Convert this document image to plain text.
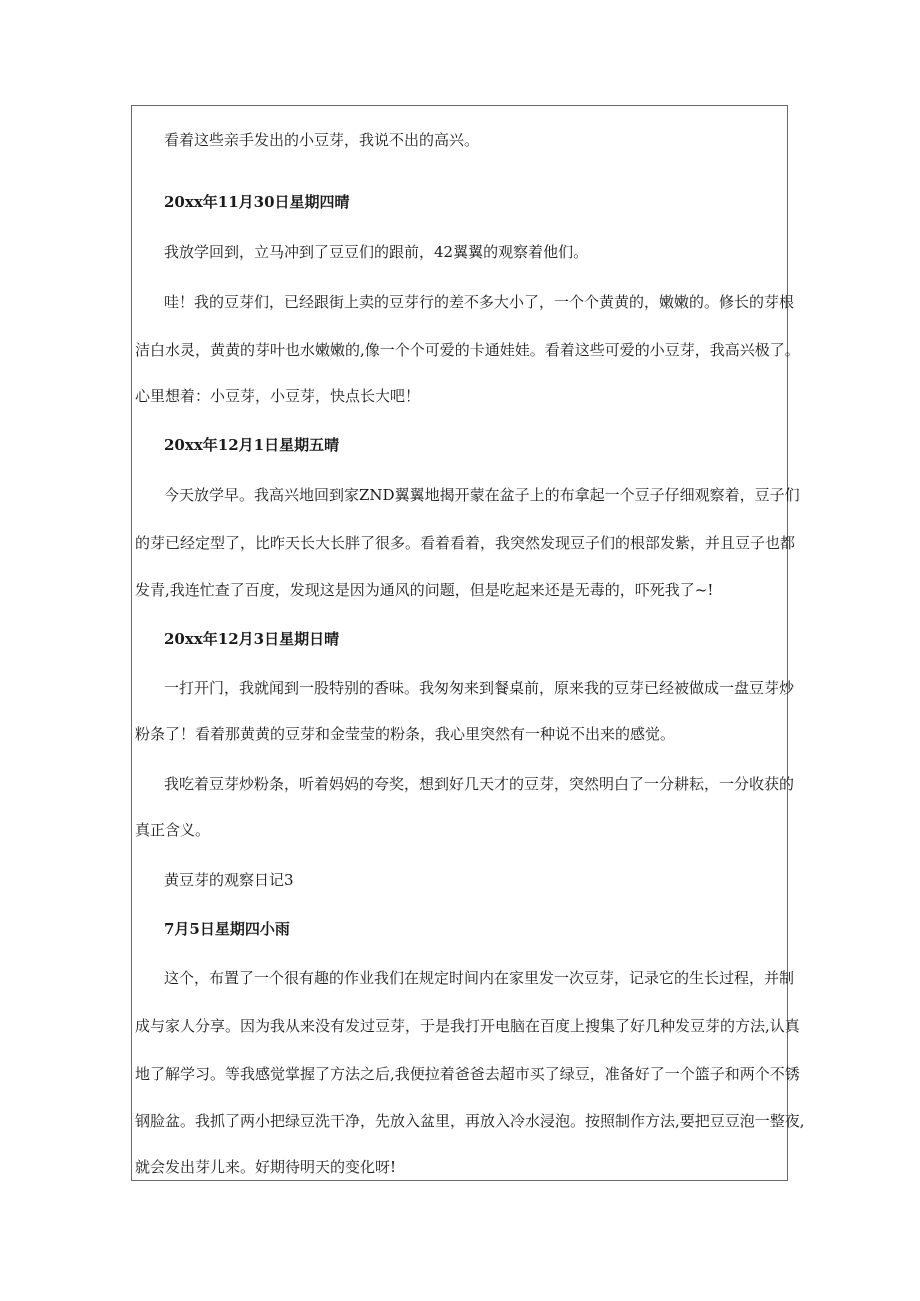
看着这些亲手发出的小豆芽，我说不出的高兴。
20xx年11月30日星期四晴
我放学回到，立马冲到了豆豆们的跟前，42翼翼的观察着他们。
哇！我的豆芽们，已经跟街上卖的豆芽行的差不多大小了，一个个黄黄的，嫩嫩的。修长的芽根
洁白水灵，黄黄的芽叶也水嫩嫩的,像一个个可爱的卡通娃娃。看着这些可爱的小豆芽，我高兴极了。
心里想着：小豆芽，小豆芽，快点长大吧！
20xx年12月1日星期五晴
今天放学早。我高兴地回到家ZND翼翼地揭开蒙在盆子上的布拿起一个豆子仔细观察着，豆子们
的芽已经定型了，比昨天长大长胖了很多。看着看着，我突然发现豆子们的根部发紫，并且豆子也都
发青,我连忙查了百度，发现这是因为通风的问题，但是吃起来还是无毒的，吓死我了~!
20xx年12月3日星期日晴
一打开门，我就闻到一股特别的香味。我匆匆来到餐桌前，原来我的豆芽已经被做成一盘豆芽炒
粉条了！看着那黄黄的豆芽和金莹莹的粉条，我心里突然有一种说不出来的感觉。
我吃着豆芽炒粉条，听着妈妈的夸奖，想到好几天才的豆芽，突然明白了一分耕耘，一分收获的
真正含义。
黄豆芽的观察日记3
7月5日星期四小雨
这个，布置了一个很有趣的作业我们在规定时间内在家里发一次豆芽，记录它的生长过程，并制
成与家人分享。因为我从来没有发过豆芽，于是我打开电脑在百度上搜集了好几种发豆芽的方法,认真
地了解学习。等我感觉掌握了方法之后,我便拉着爸爸去超市买了绿豆，准备好了一个篮子和两个不锈
钢脸盆。我抓了两小把绿豆洗干净，先放入盆里，再放入冷水浸泡。按照制作方法,要把豆豆泡一整夜,
就会发出芽儿来。好期待明天的变化呀!
